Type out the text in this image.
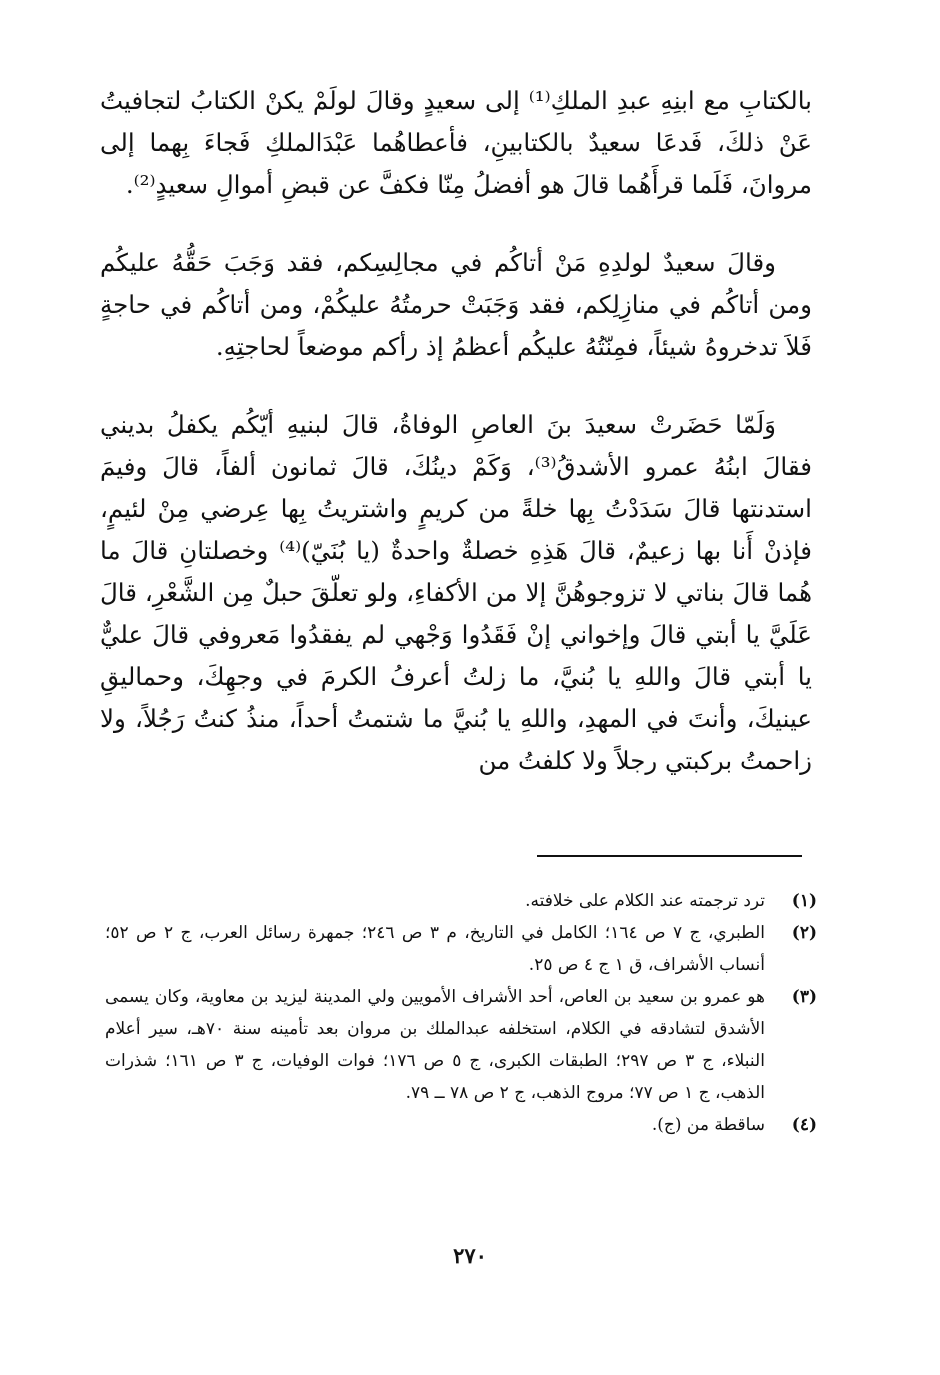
بالكتابِ مع ابنِهِ عبدِ الملكِ⁽¹⁾ إلى سعيدٍ وقالَ لولَمْ يكنْ الكتابُ لتجافيتُ عَنْ ذلكَ، فَدعَا سعيدٌ بالكتابينِ، فأعطاهُما عَبْدَالملكِ فَجاءَ بِهما إلى مروانَ، فَلَما قرأَهُما قالَ هو أفضلُ مِنّا فكفَّ عن قبضِ أموالِ سعيدٍ⁽²⁾.

وقالَ سعيدٌ لولدِهِ مَنْ أتاكُم في مجالِسِكم، فقد وَجَبَ حَقُّهُ عليكُم ومن أتاكُم في منازِلِكم، فقد وَجَبَتْ حرمتُهُ عليكُمْ، ومن أتاكُم في حاجةٍ فَلاَ تدخروهُ شيئاً، فمِنّتُهُ عليكُم أعظمُ إذ رأكم موضعاً لحاجتِهِ.

وَلَمّا حَضَرتْ سعيدَ بنَ العاصِ الوفاةُ، قالَ لبنيهِ أيّكُم يكفلُ بديني فقالَ ابنُهُ عمرو الأشدقُ⁽³⁾، وَكَمْ دينُكَ، قالَ ثمانون ألفاً، قالَ وفيمَ استدنتها قالَ سَدَدْتُ بِها خلةً من كريمٍ واشتريتُ بِها عِرضي مِنْ لئيمٍ، فإذنْ أَنا بها زعيمٌ، قالَ هَذِهِ خصلةٌ واحدةٌ (يا بُنَيّ)⁽⁴⁾ وخصلتانِ قالَ ما هُما قالَ بناتي لا تزوجوهُنَّ إلا من الأكفاءِ، ولو تعلّقَ حبلٌ مِن الشَّعْرِ، قالَ عَلَيَّ يا أبتي قالَ وإخواني إنْ فَقَدُوا وَجْهي لم يفقدُوا مَعروفي قالَ عليٌّ يا أبتي قالَ واللهِ يا بُنيَّ، ما زلتُ أعرفُ الكرمَ في وجهِكَ، وحماليقِ عينيكَ، وأنتَ في المهدِ، واللهِ يا بُنيَّ ما شتمتُ أحداً، منذُ كنتُ رَجُلاً، ولا زاحمتُ بركبتي رجلاً ولا كلفتُ من

(١)
ترد ترجمته عند الكلام على خلافته.
(٢)
الطبري، ج ٧ ص ١٦٤؛ الكامل في التاريخ، م ٣ ص ٢٤٦؛ جمهرة رسائل العرب، ج ٢ ص ٥٢؛ أنساب الأشراف، ق ١ ج ٤ ص ٢٥.
(٣)
هو عمرو بن سعيد بن العاص، أحد الأشراف الأمويين ولي المدينة ليزيد بن معاوية، وكان يسمى الأشدق لتشادقه في الكلام، استخلفه عبدالملك بن مروان بعد تأمينه سنة ٧٠هـ، سير أعلام النبلاء، ج ٣ ص ٢٩٧؛ الطبقات الكبرى، ج ٥ ص ١٧٦؛ فوات الوفيات، ج ٣ ص ١٦١؛ شذرات الذهب، ج ١ ص ٧٧؛ مروج الذهب، ج ٢ ص ٧٨ ــ ٧٩.
(٤)
ساقطة من (ج).
٢٧٠
